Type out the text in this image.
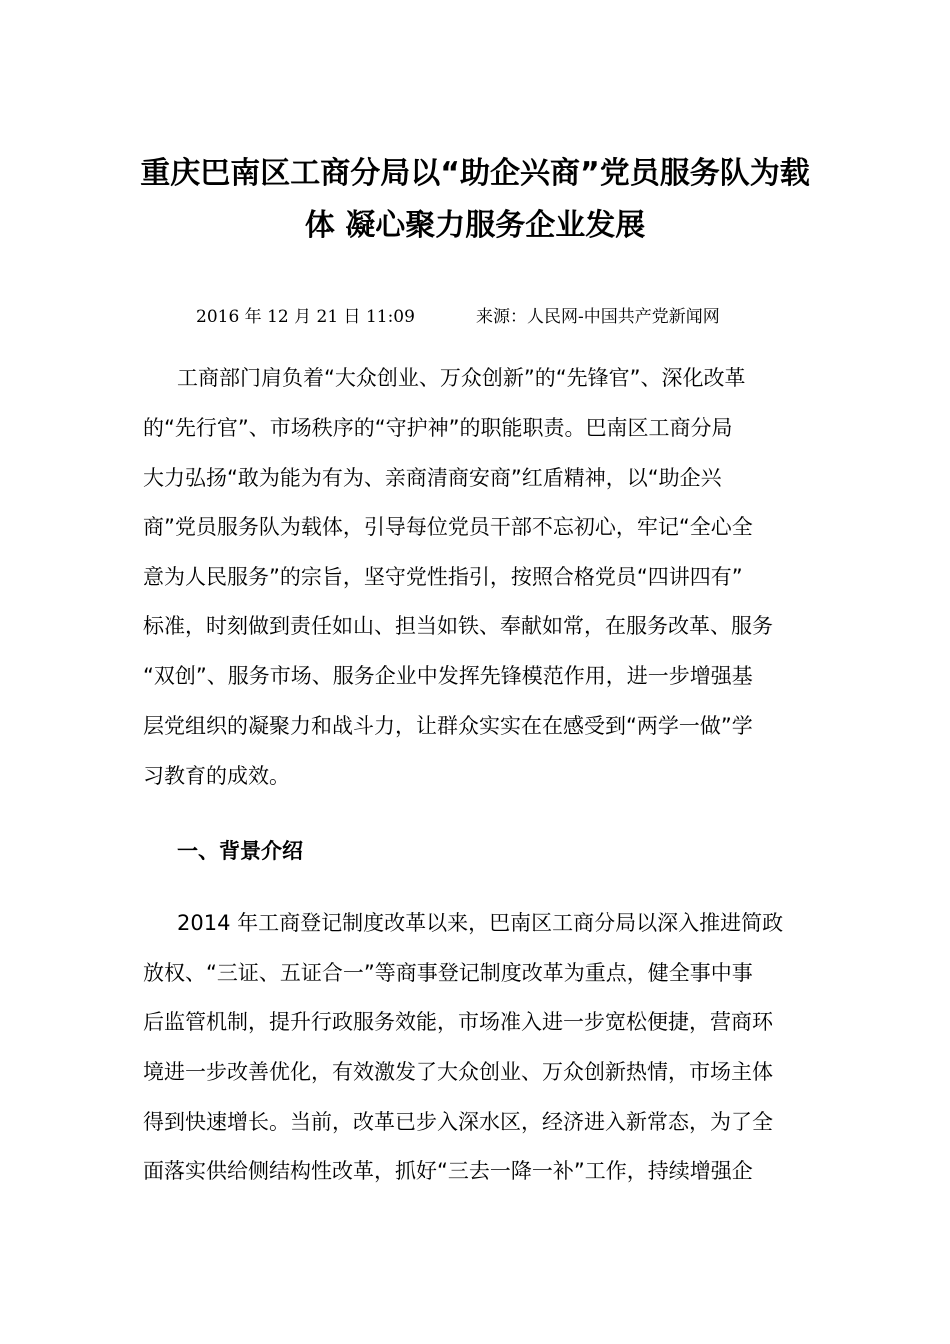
重庆巴南区工商分局以“助企兴商”党员服务队为载
体 凝心聚力服务企业发展
2016 年 12 月 21 日 11:09	来源：人民网-中国共产党新闻网

工商部门肩负着“大众创业、万众创新”的“先锋官”、深化改革

的“先行官”、市场秩序的“守护神”的职能职责。巴南区工商分局

大力弘扬“敢为能为有为、亲商清商安商”红盾精神，以“助企兴

商”党员服务队为载体，引导每位党员干部不忘初心，牢记“全心全

意为人民服务”的宗旨，坚守党性指引，按照合格党员“四讲四有”

标准，时刻做到责任如山、担当如铁、奉献如常，在服务改革、服务

“双创”、服务市场、服务企业中发挥先锋模范作用，进一步增强基

层党组织的凝聚力和战斗力，让群众实实在在感受到“两学一做”学

习教育的成效。

一、背景介绍

2014 年工商登记制度改革以来，巴南区工商分局以深入推进简政

放权、“三证、五证合一”等商事登记制度改革为重点，健全事中事

后监管机制，提升行政服务效能，市场准入进一步宽松便捷，营商环

境进一步改善优化，有效激发了大众创业、万众创新热情，市场主体

得到快速增长。当前，改革已步入深水区，经济进入新常态，为了全

面落实供给侧结构性改革，抓好“三去一降一补”工作，持续增强企
